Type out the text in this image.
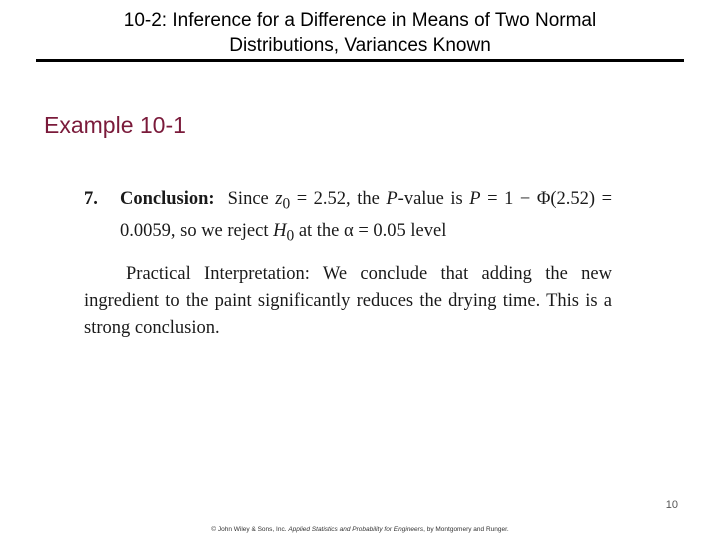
10-2: Inference for a Difference in Means of Two Normal
Distributions, Variances Known
Example 10-1
7.	Conclusion: Since $z_0 = 2.52$, the P-value is P = 1 − Φ(2.52) = 0.0059, so we reject $H_0$ at the α = 0.05 level
Practical Interpretation: We conclude that adding the new ingredient to the paint significantly reduces the drying time. This is a strong conclusion.
10
© John Wiley & Sons, Inc. Applied Statistics and Probability for Engineers, by Montgomery and Runger.
